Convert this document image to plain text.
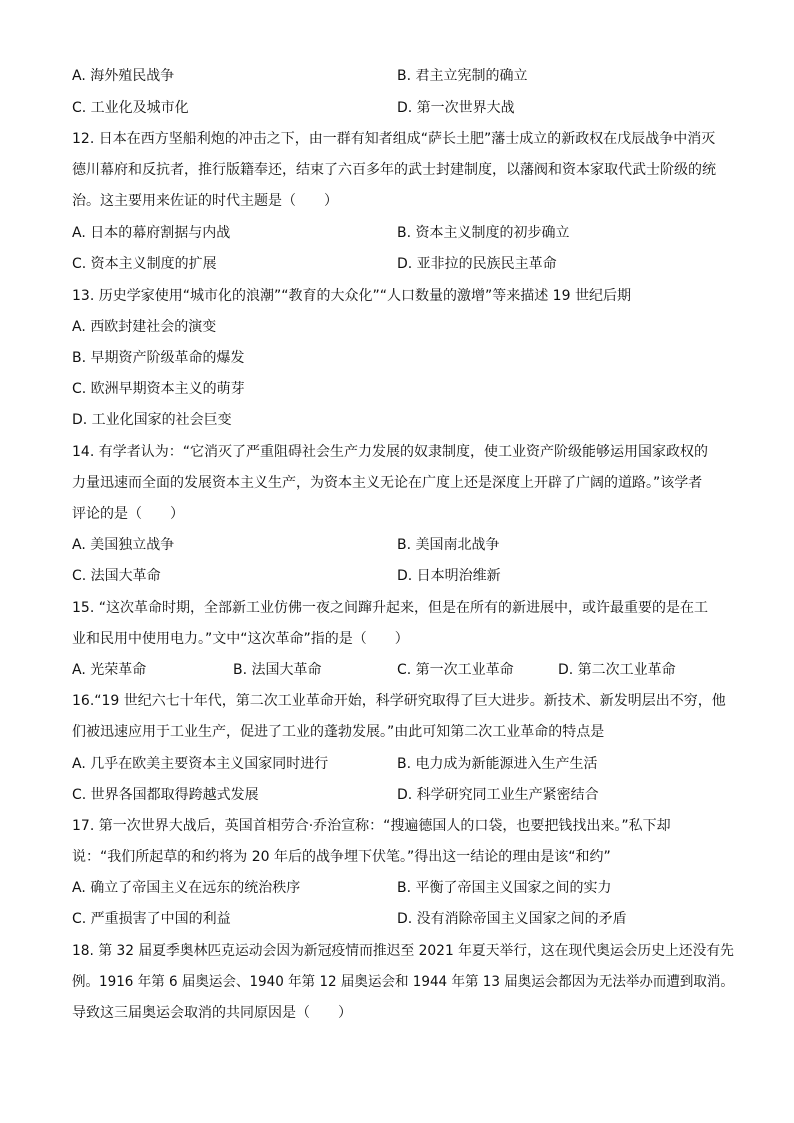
A. 海外殖民战争	B. 君主立宪制的确立
C. 工业化及城市化	D. 第一次世界大战
12. 日本在西方坚船利炮的冲击之下，由一群有知者组成“萨长土肥”藩士成立的新政权在戊辰战争中消灭
德川幕府和反抗者，推行版籍奉还，结束了六百多年的武士封建制度，以藩阀和资本家取代武士阶级的统
治。这主要用来佐证的时代主题是（　　）
A. 日本的幕府割据与内战	B. 资本主义制度的初步确立
C. 资本主义制度的扩展	D. 亚非拉的民族民主革命
13. 历史学家使用“城市化的浪潮”“教育的大众化”“人口数量的激增”等来描述 19 世纪后期
A. 西欧封建社会的演变
B. 早期资产阶级革命的爆发
C. 欧洲早期资本主义的萌芽
D. 工业化国家的社会巨变
14. 有学者认为：“它消灭了严重阻碍社会生产力发展的奴隶制度，使工业资产阶级能够运用国家政权的
力量迅速而全面的发展资本主义生产，为资本主义无论在广度上还是深度上开辟了广阔的道路。”该学者
评论的是（　　）
A. 美国独立战争	B. 美国南北战争
C. 法国大革命	D. 日本明治维新
15. “这次革命时期，全部新工业仿佛一夜之间蹿升起来，但是在所有的新进展中，或许最重要的是在工
业和民用中使用电力。”文中“这次革命”指的是（　　）
A. 光荣革命	B. 法国大革命	C. 第一次工业革命	D. 第二次工业革命
16.“19 世纪六七十年代，第二次工业革命开始，科学研究取得了巨大进步。新技术、新发明层出不穷，他
们被迅速应用于工业生产，促进了工业的蓬勃发展。”由此可知第二次工业革命的特点是
A. 几乎在欧美主要资本主义国家同时进行	B. 电力成为新能源进入生产生活
C. 世界各国都取得跨越式发展	D. 科学研究同工业生产紧密结合
17. 第一次世界大战后，英国首相劳合·乔治宣称：“搜遍德国人的口袋，也要把钱找出来。”私下却
说：“我们所起草的和约将为 20 年后的战争埋下伏笔。”得出这一结论的理由是该“和约”
A. 确立了帝国主义在远东的统治秩序	B. 平衡了帝国主义国家之间的实力
C. 严重损害了中国的利益	D. 没有消除帝国主义国家之间的矛盾
18. 第 32 届夏季奥林匹克运动会因为新冠疫情而推迟至 2021 年夏天举行，这在现代奥运会历史上还没有先
例。1916 年第 6 届奥运会、1940 年第 12 届奥运会和 1944 年第 13 届奥运会都因为无法举办而遭到取消。
导致这三届奥运会取消的共同原因是（　　）
